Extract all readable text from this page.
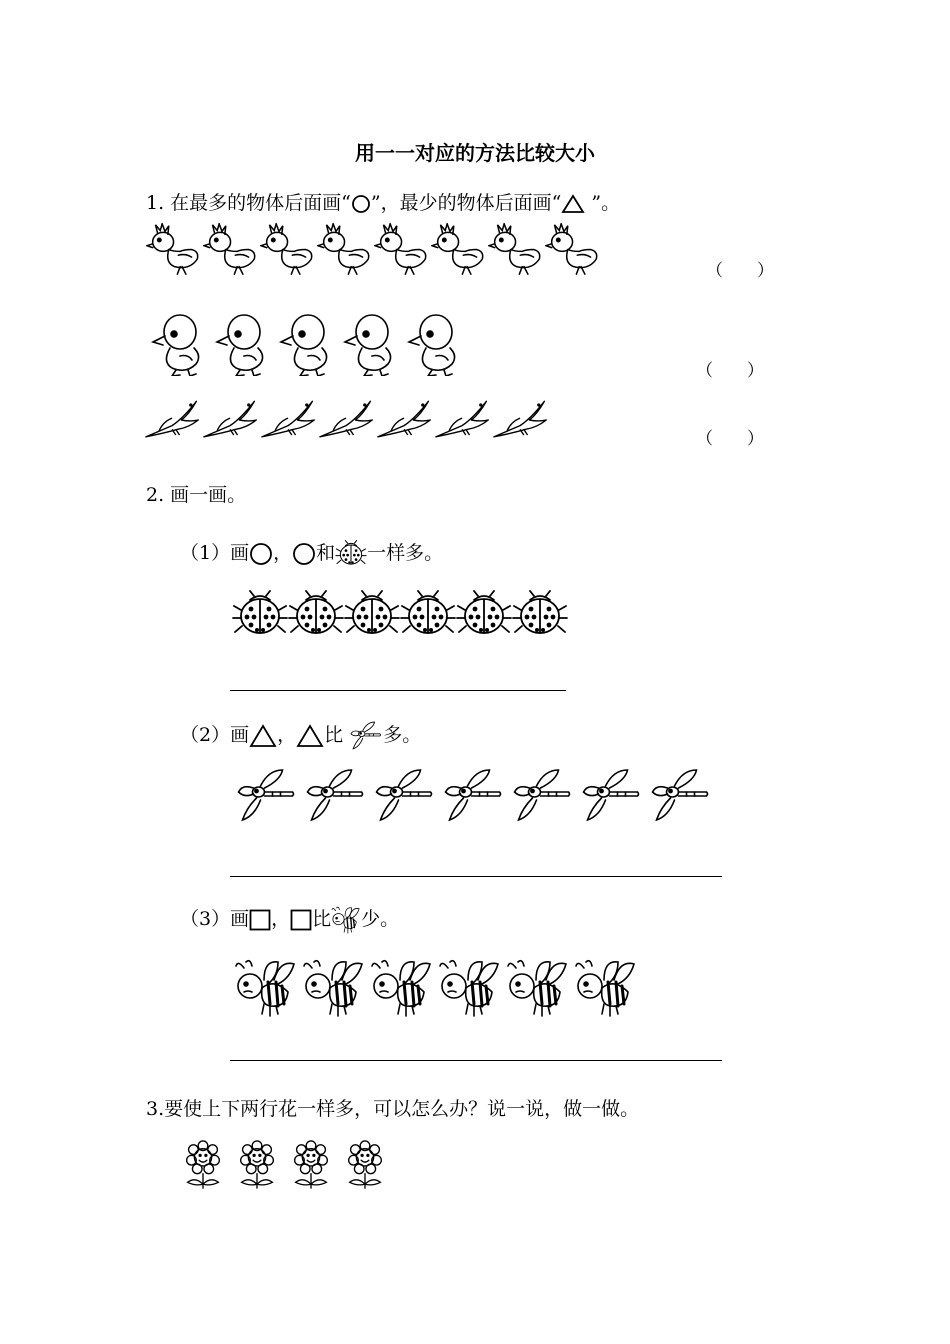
用一一对应的方法比较大小
1. 在最多的物体后面画“ ”，最少的物体后面画“ ”。
（　　）
（　　）
（　　）
2. 画一画。
（1）画 ， 和 一样多。
（2）画 ， 比 多。
（3）画 ， 比 少。
3.要使上下两行花一样多，可以怎么办？说一说，做一做。
